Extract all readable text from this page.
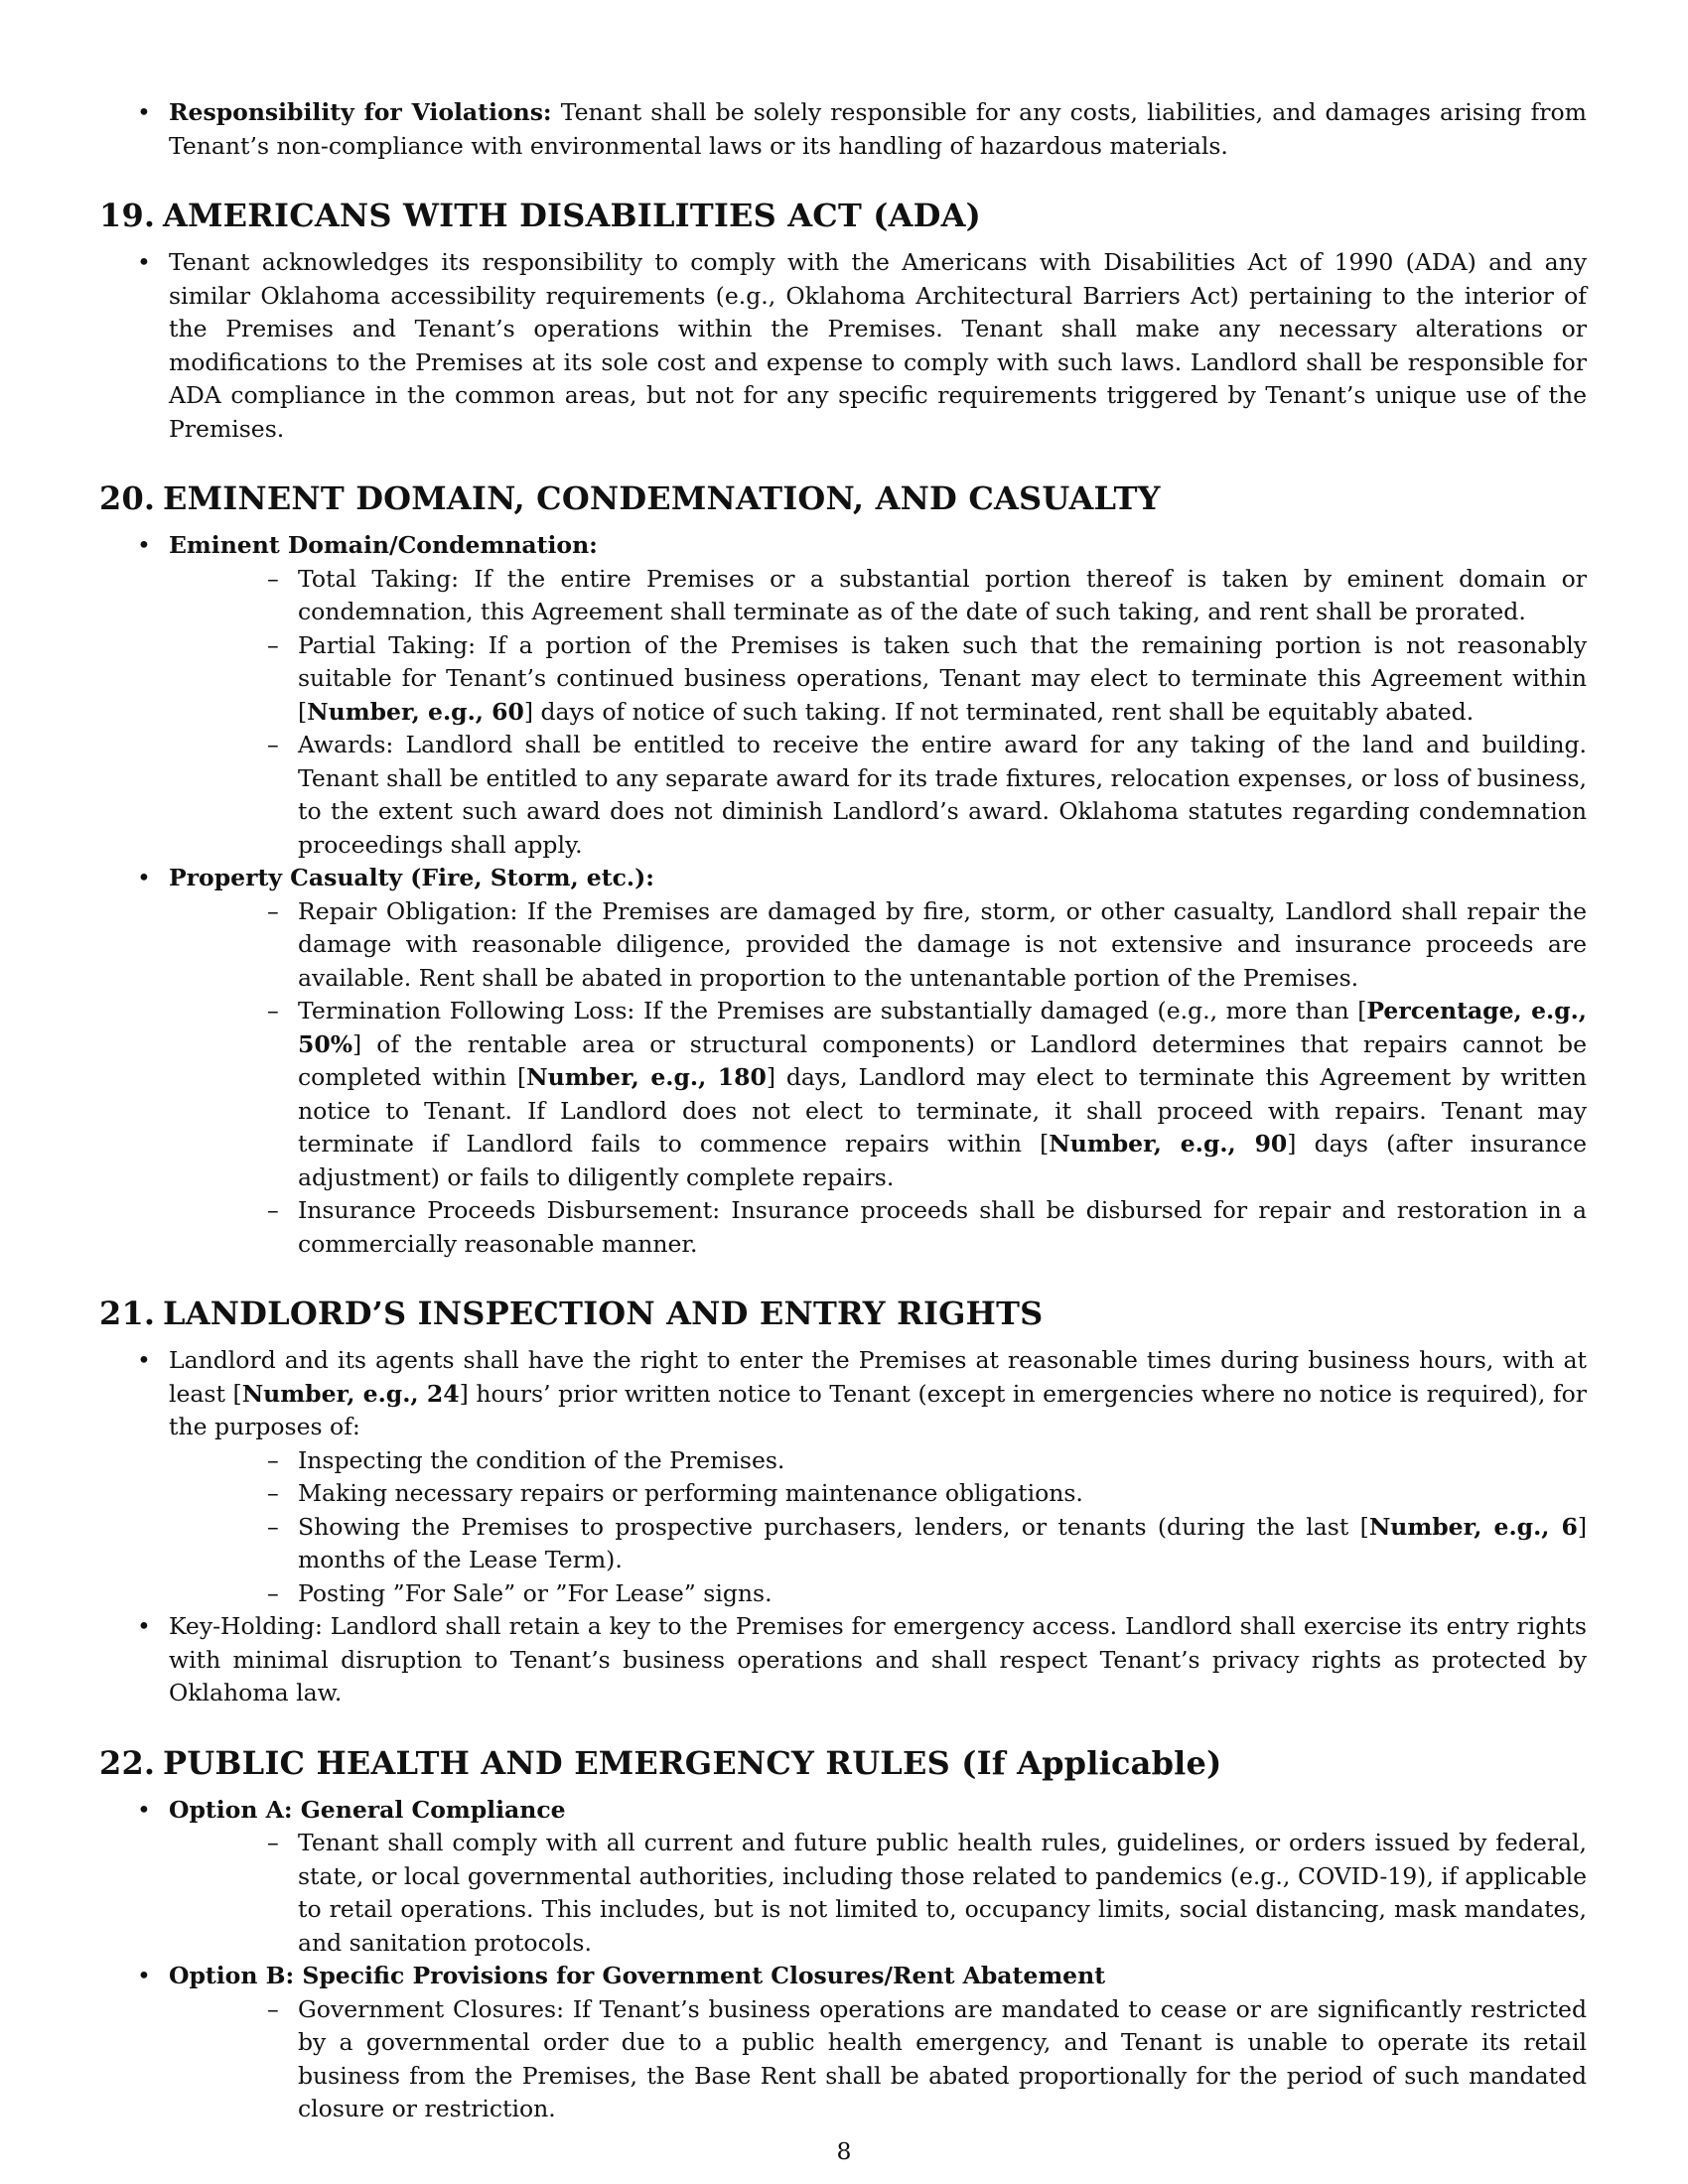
• Responsibility for Violations: Tenant shall be solely responsible for any costs, liabilities, and damages arising from Tenant’s non-compliance with environmental laws or its handling of hazardous materials.

19. AMERICANS WITH DISABILITIES ACT (ADA)

• Tenant acknowledges its responsibility to comply with the Americans with Disabilities Act of 1990 (ADA) and any similar Oklahoma accessibility requirements (e.g., Oklahoma Architectural Barriers Act) pertaining to the interior of the Premises and Tenant’s operations within the Premises. Tenant shall make any necessary alterations or modifications to the Premises at its sole cost and expense to comply with such laws. Landlord shall be responsible for ADA compliance in the common areas, but not for any specific requirements triggered by Tenant’s unique use of the Premises.

20. EMINENT DOMAIN, CONDEMNATION, AND CASUALTY

• Eminent Domain/Condemnation:

– Total Taking: If the entire Premises or a substantial portion thereof is taken by eminent domain or condemnation, this Agreement shall terminate as of the date of such taking, and rent shall be prorated.

– Partial Taking: If a portion of the Premises is taken such that the remaining portion is not reasonably suitable for Tenant’s continued business operations, Tenant may elect to terminate this Agreement within [Number, e.g., 60] days of notice of such taking. If not terminated, rent shall be equitably abated.

– Awards: Landlord shall be entitled to receive the entire award for any taking of the land and building. Tenant shall be entitled to any separate award for its trade fixtures, relocation expenses, or loss of business, to the extent such award does not diminish Landlord’s award. Oklahoma statutes regarding condemnation proceedings shall apply.

• Property Casualty (Fire, Storm, etc.):

– Repair Obligation: If the Premises are damaged by fire, storm, or other casualty, Landlord shall repair the damage with reasonable diligence, provided the damage is not extensive and insurance proceeds are available. Rent shall be abated in proportion to the untenantable portion of the Premises.

– Termination Following Loss: If the Premises are substantially damaged (e.g., more than [Percentage, e.g., 50%] of the rentable area or structural components) or Landlord determines that repairs cannot be completed within [Number, e.g., 180] days, Landlord may elect to terminate this Agreement by written notice to Tenant. If Landlord does not elect to terminate, it shall proceed with repairs. Tenant may terminate if Landlord fails to commence repairs within [Number, e.g., 90] days (after insurance adjustment) or fails to diligently complete repairs.

– Insurance Proceeds Disbursement: Insurance proceeds shall be disbursed for repair and restoration in a commercially reasonable manner.

21. LANDLORD’S INSPECTION AND ENTRY RIGHTS

• Landlord and its agents shall have the right to enter the Premises at reasonable times during business hours, with at least [Number, e.g., 24] hours’ prior written notice to Tenant (except in emergencies where no notice is required), for the purposes of:

– Inspecting the condition of the Premises.

– Making necessary repairs or performing maintenance obligations.

– Showing the Premises to prospective purchasers, lenders, or tenants (during the last [Number, e.g., 6] months of the Lease Term).

– Posting ”For Sale” or ”For Lease” signs.

• Key-Holding: Landlord shall retain a key to the Premises for emergency access. Landlord shall exercise its entry rights with minimal disruption to Tenant’s business operations and shall respect Tenant’s privacy rights as protected by Oklahoma law.

22. PUBLIC HEALTH AND EMERGENCY RULES (If Applicable)

• Option A: General Compliance

– Tenant shall comply with all current and future public health rules, guidelines, or orders issued by federal, state, or local governmental authorities, including those related to pandemics (e.g., COVID-19), if applicable to retail operations. This includes, but is not limited to, occupancy limits, social distancing, mask mandates, and sanitation protocols.

• Option B: Specific Provisions for Government Closures/Rent Abatement

– Government Closures: If Tenant’s business operations are mandated to cease or are significantly restricted by a governmental order due to a public health emergency, and Tenant is unable to operate its retail business from the Premises, the Base Rent shall be abated proportionally for the period of such mandated closure or restriction.

8
